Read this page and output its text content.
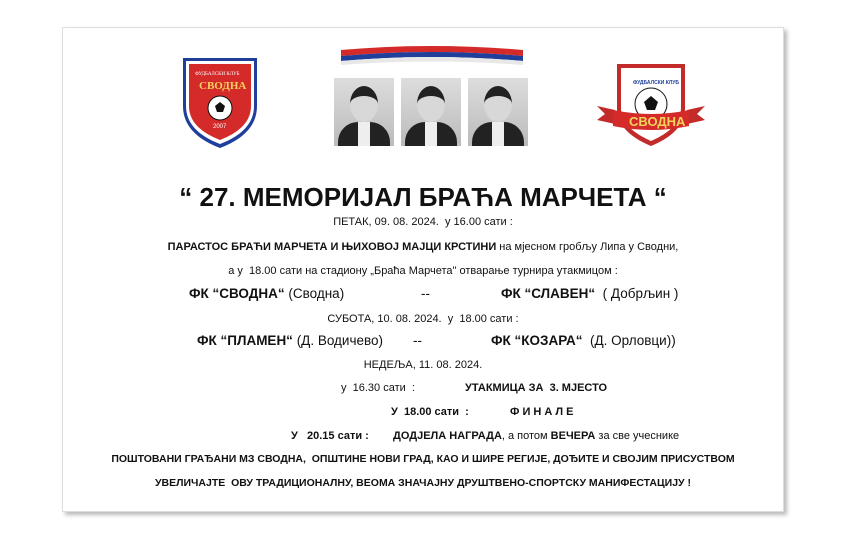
ФУДБАЛСКИ КЛУБ
СВОДНА
2007
ФУДБАЛСКИ КЛУБ
СВОДНА
“ 27. МЕМОРИЈАЛ БРАЋА МАРЧЕТА “
ПЕТАК, 09. 08. 2024.  у 16.00 сати :
ПАРАСТОС БРАЋИ МАРЧЕТА И ЊИХОВОЈ МАЈЦИ КРСТИНИ на мјесном гробљу Липа у Сводни,
а у  18.00 сати на стадиону „Браћа Марчета" отварање турнира утакмицом :
ФК “СВОДНА“ (Сводна)	--	ФК “СЛАВЕН“  ( Добрљин )
СУБОТА, 10. 08. 2024.  у  18.00 сати :
ФК “ПЛАМЕН“ (Д. Водичево) --	ФК “КОЗАРА“  (Д. Орловци))
НЕДЕЉА, 11. 08. 2024.
у  16.30 сати  :	УТАКМИЦА ЗА  3. МЈЕСТО
У  18.00 сати  :	Ф И Н А Л Е
У   20.15 сати : ДОДЈЕЛА НАГРАДА, а потом ВЕЧЕРА за све учеснике
ПОШТОВАНИ ГРАЂАНИ МЗ СВОДНА,  ОПШТИНЕ НОВИ ГРАД, КАО И ШИРЕ РЕГИЈЕ, ДОЂИТЕ И СВОЈИМ ПРИСУСТВОМ
УВЕЛИЧАЈТЕ  ОВУ ТРАДИЦИОНАЛНУ, ВЕОМА ЗНАЧАЈНУ ДРУШТВЕНО-СПОРТСКУ МАНИФЕСТАЦИЈУ !
